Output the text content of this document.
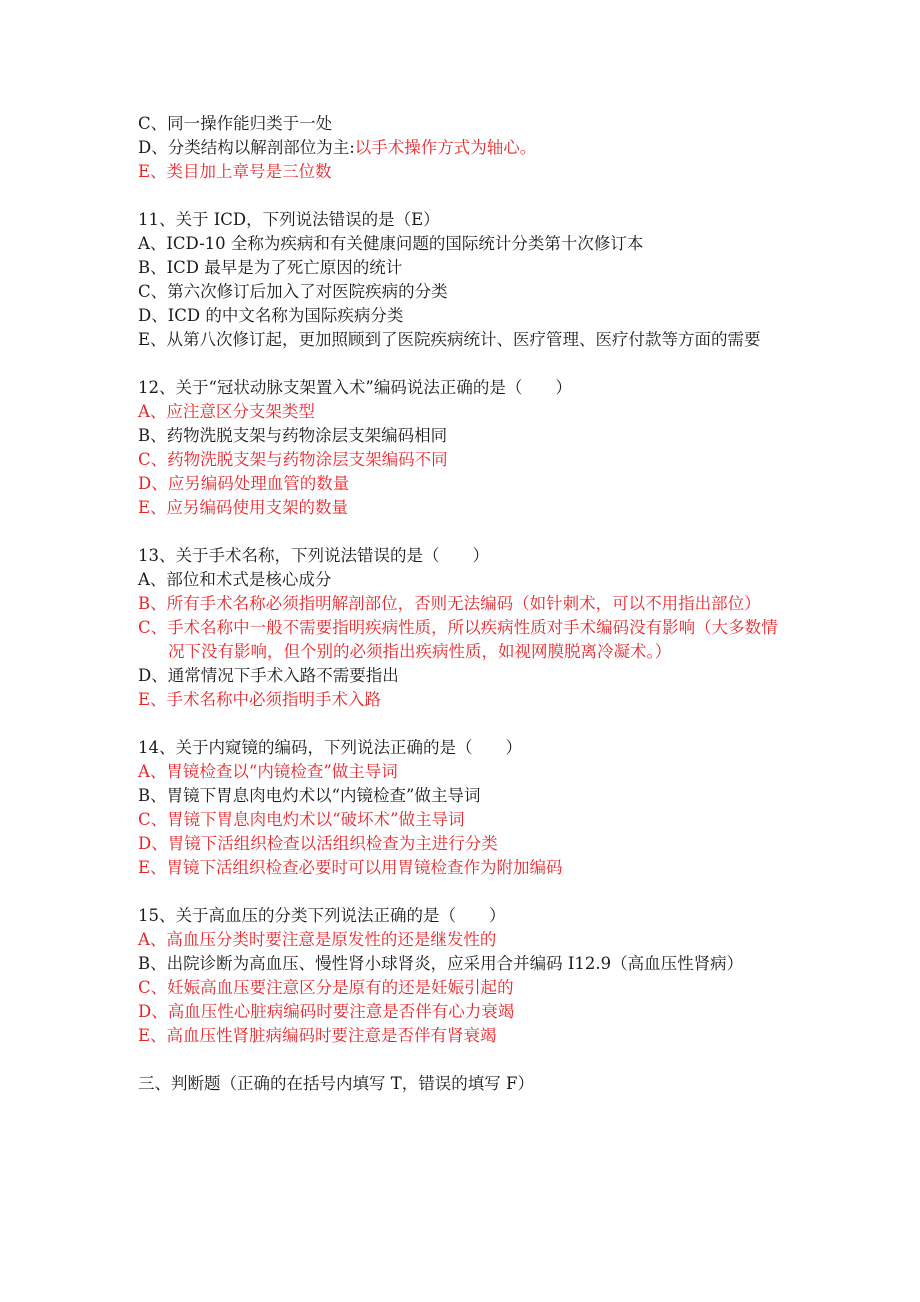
C、同一操作能归类于一处
D、分类结构以解剖部位为主:以手术操作方式为轴心。
E、类目加上章号是三位数
11、关于 ICD，下列说法错误的是（E）
A、ICD-10 全称为疾病和有关健康问题的国际统计分类第十次修订本
B、ICD 最早是为了死亡原因的统计
C、第六次修订后加入了对医院疾病的分类
D、ICD 的中文名称为国际疾病分类
E、从第八次修订起，更加照顾到了医院疾病统计、医疗管理、医疗付款等方面的需要
12、关于“冠状动脉支架置入术”编码说法正确的是（　　）
A、应注意区分支架类型
B、药物洗脱支架与药物涂层支架编码相同
C、药物洗脱支架与药物涂层支架编码不同
D、应另编码处理血管的数量
E、应另编码使用支架的数量
13、关于手术名称，下列说法错误的是（　　）
A、部位和术式是核心成分
B、所有手术名称必须指明解剖部位，否则无法编码（如针刺术，可以不用指出部位）
C、手术名称中一般不需要指明疾病性质，所以疾病性质对手术编码没有影响（大多数情况下没有影响，但个别的必须指出疾病性质，如视网膜脱离冷凝术。）
D、通常情况下手术入路不需要指出
E、手术名称中必须指明手术入路
14、关于内窥镜的编码，下列说法正确的是（　　）
A、胃镜检查以“内镜检查”做主导词
B、胃镜下胃息肉电灼术以“内镜检查”做主导词
C、胃镜下胃息肉电灼术以“破坏术”做主导词
D、胃镜下活组织检查以活组织检查为主进行分类
E、胃镜下活组织检查必要时可以用胃镜检查作为附加编码
15、关于高血压的分类下列说法正确的是（　　）
A、高血压分类时要注意是原发性的还是继发性的
B、出院诊断为高血压、慢性肾小球肾炎，应采用合并编码 I12.9（高血压性肾病）
C、妊娠高血压要注意区分是原有的还是妊娠引起的
D、高血压性心脏病编码时要注意是否伴有心力衰竭
E、高血压性肾脏病编码时要注意是否伴有肾衰竭
三、判断题（正确的在括号内填写 T，错误的填写 F）
